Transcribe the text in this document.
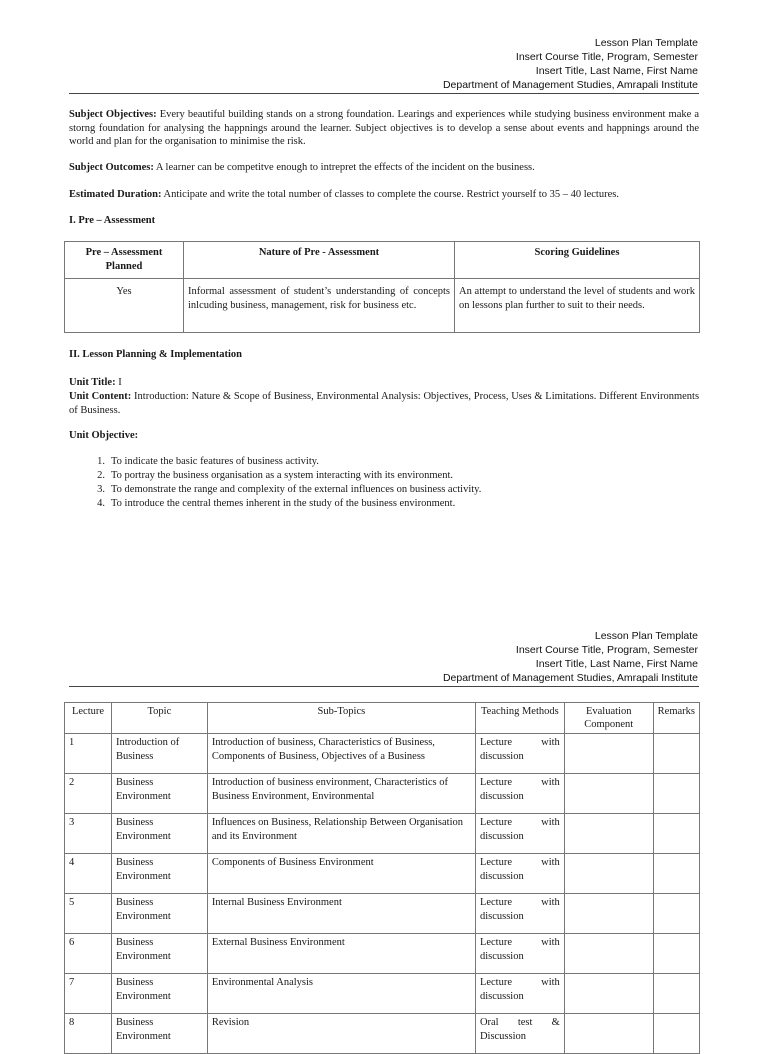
Lesson Plan Template
Insert Course Title, Program, Semester
Insert Title, Last Name, First Name
Department of Management Studies, Amrapali Institute

Subject Objectives: Every beautiful building stands on a strong foundation. Learings and experiences while studying business environment make a storng foundation for analysing the happnings around the learner. Subject objectives is to develop a sense about events and happnings around the world and plan for the organisation to minimise the risk.

Subject Outcomes: A learner can be competitve enough to intrepret the effects of the incident on the business.

Estimated Duration: Anticipate and write the total number of classes to complete the course. Restrict yourself to 35 – 40 lectures.

I. Pre – Assessment

Pre – Assessment Planned	Nature of Pre - Assessment	Scoring Guidelines
Yes	Informal assessment of student’s understanding of concepts inlcuding business, management, risk for business etc.	An attempt to understand the level of students and work on lessons plan further to suit to their needs.

II. Lesson Planning & Implementation

Unit Title: I

Unit Content: Introduction: Nature & Scope of Business, Environmental Analysis: Objectives, Process, Uses & Limitations. Different Environments of Business.

Unit Objective:

1. To indicate the basic features of business activity.
2. To portray the business organisation as a system interacting with its environment.
3. To demonstrate the range and complexity of the external influences on business activity.
4. To introduce the central themes inherent in the study of the business environment.
Lesson Plan Template
Insert Course Title, Program, Semester
Insert Title, Last Name, First Name
Department of Management Studies, Amrapali Institute
Lecture	Topic	Sub-Topics	Teaching Methods	Evaluation Component	Remarks
1	Introduction of Business	Introduction of business, Characteristics of Business, Components of Business, Objectives of a Business	Lecture with discussion		
2	Business Environment	Introduction of business environment, Characteristics of Business Environment, Environmental	Lecture with discussion		
3	Business Environment	Influences on Business, Relationship Between Organisation and its Environment	Lecture with discussion		
4	Business Environment	Components of Business Environment	Lecture with discussion		
5	Business Environment	Internal Business Environment	Lecture with discussion		
6	Business Environment	External Business Environment	Lecture with discussion		
7	Business Environment	Environmental Analysis	Lecture with discussion		
8	Business Environment	Revision	Oral test & Discussion		
